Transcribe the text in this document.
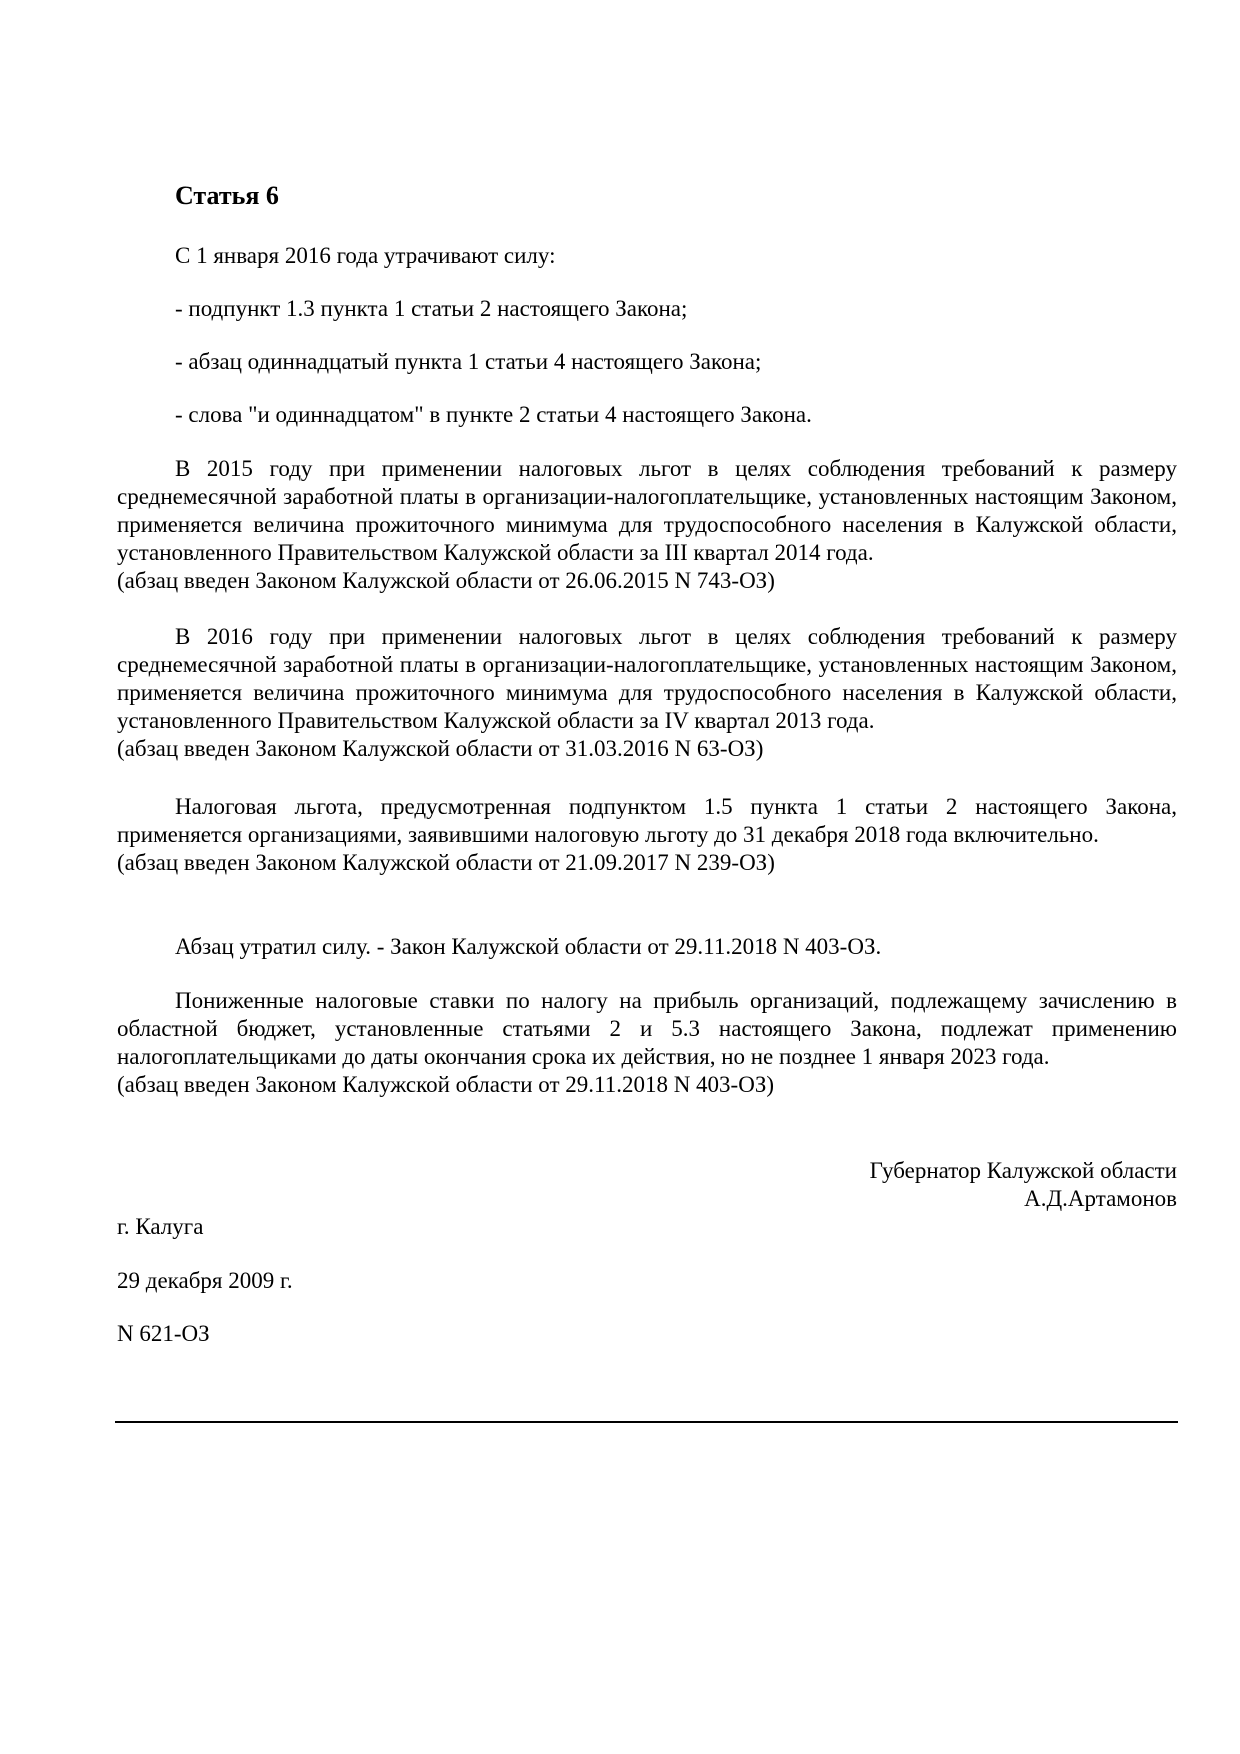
Статья 6
С 1 января 2016 года утрачивают силу:
- подпункт 1.3 пункта 1 статьи 2 настоящего Закона;
- абзац одиннадцатый пункта 1 статьи 4 настоящего Закона;
- слова "и одиннадцатом" в пункте 2 статьи 4 настоящего Закона.
В 2015 году при применении налоговых льгот в целях соблюдения требований к размеру среднемесячной заработной платы в организации-налогоплательщике, установленных настоящим Законом, применяется величина прожиточного минимума для трудоспособного населения в Калужской области, установленного Правительством Калужской области за III квартал 2014 года.
(абзац введен Законом Калужской области от 26.06.2015 N 743-ОЗ)
В 2016 году при применении налоговых льгот в целях соблюдения требований к размеру среднемесячной заработной платы в организации-налогоплательщике, установленных настоящим Законом, применяется величина прожиточного минимума для трудоспособного населения в Калужской области, установленного Правительством Калужской области за IV квартал 2013 года.
(абзац введен Законом Калужской области от 31.03.2016 N 63-ОЗ)
Налоговая льгота, предусмотренная подпунктом 1.5 пункта 1 статьи 2 настоящего Закона, применяется организациями, заявившими налоговую льготу до 31 декабря 2018 года включительно.
(абзац введен Законом Калужской области от 21.09.2017 N 239-ОЗ)
Абзац утратил силу. - Закон Калужской области от 29.11.2018 N 403-ОЗ.
Пониженные налоговые ставки по налогу на прибыль организаций, подлежащему зачислению в областной бюджет, установленные статьями 2 и 5.3 настоящего Закона, подлежат применению налогоплательщиками до даты окончания срока их действия, но не позднее 1 января 2023 года.
(абзац введен Законом Калужской области от 29.11.2018 N 403-ОЗ)
Губернатор Калужской области
А.Д.Артамонов
г. Калуга
29 декабря 2009 г.
N 621-ОЗ
